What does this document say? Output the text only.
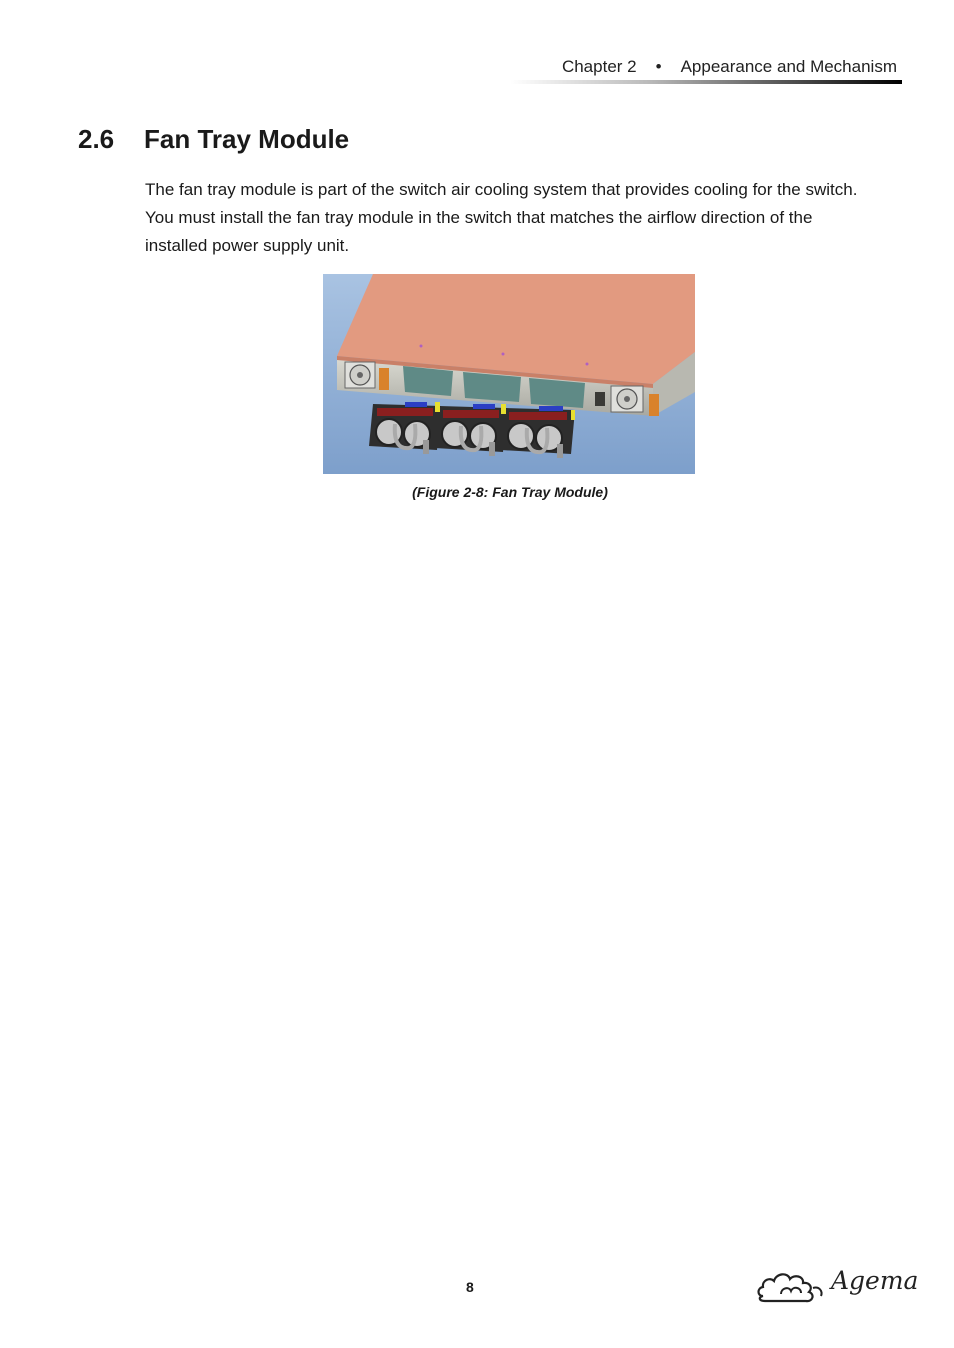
Chapter 2 • Appearance and Mechanism
2.6 Fan Tray Module

The fan tray module is part of the switch air cooling system that provides cooling for the switch. You must install the fan tray module in the switch that matches the airflow direction of the installed power supply unit.

(Figure 2-8: Fan Tray Module)
8	Agema
